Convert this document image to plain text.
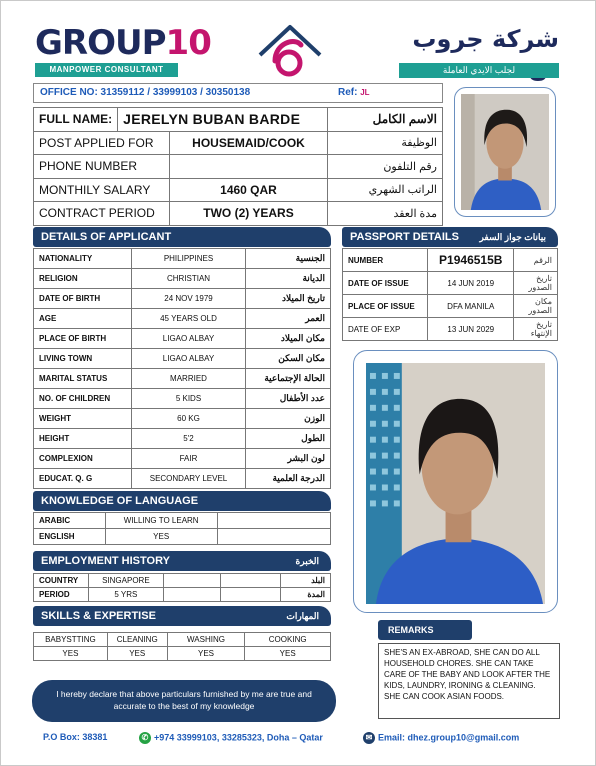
GROUP10
MANPOWER CONSULTANT
شركة جروب
لجلب الايدي العاملة
OFFICE NO: 31359112 / 33999103 / 30350138	Ref: JL
FULL NAME:	JERELYN BUBAN BARDE		الاسم الكامل
POST APPLIED FOR		HOUSEMAID/COOK	الوظيفة
PHONE NUMBER			رقم التلفون
MONTHILY SALARY		1460 QAR	الراتب الشهري
CONTRACT PERIOD		TWO (2) YEARS	مدة العقد
DETAILS OF APPLICANT
NATIONALITY	PHILIPPINES	الجنسية
RELIGION	CHRISTIAN	الديانة
DATE OF BIRTH	24 NOV 1979	تاريخ الميلاد
AGE	45 YEARS OLD	العمر
PLACE OF BIRTH	LIGAO ALBAY	مكان الميلاد
LIVING TOWN	LIGAO ALBAY	مكان السكن
MARITAL STATUS	MARRIED	الحالة الإجتماعية
NO. OF CHILDREN	5 KIDS	عدد الأطفال
WEIGHT	60 KG	الوزن
HEIGHT	5'2	الطول
COMPLEXION	FAIR	لون البشر
EDUCAT. Q. G	SECONDARY LEVEL	الدرجة العلمية
PASSPORT DETAILS بيانات جواز السفر
NUMBER	P1946515B	الرقم
DATE OF ISSUE	14 JUN 2019	تاريخ الصدور
PLACE OF ISSUE	DFA MANILA	مكان الصدور
DATE OF EXP	13 JUN 2029	تاريخ الإنتهاء
KNOWLEDGE OF LANGUAGE
ARABIC	WILLING TO LEARN	
ENGLISH	YES	
EMPLOYMENT HISTORY	الخبرة
COUNTRY	SINGAPORE			البلد
PERIOD	5 YRS			المدة
SKILLS & EXPERTISE	المهارات
BABYSTTING	CLEANING	WASHING	COOKING
YES	YES	YES	YES
REMARKS
SHE'S AN EX-ABROAD, SHE CAN DO ALL HOUSEHOLD CHORES. SHE CAN TAKE CARE OF THE BABY AND LOOK AFTER THE KIDS, LAUNDRY, IRONING & CLEANING. SHE CAN COOK ASIAN FOODS.
I hereby declare that above particulars furnished by me are true and accurate to the best of my knowledge
P.O Box: 38381	✆ +974 33999103, 33285323, Doha – Qatar	✉ Email: dhez.group10@gmail.com
